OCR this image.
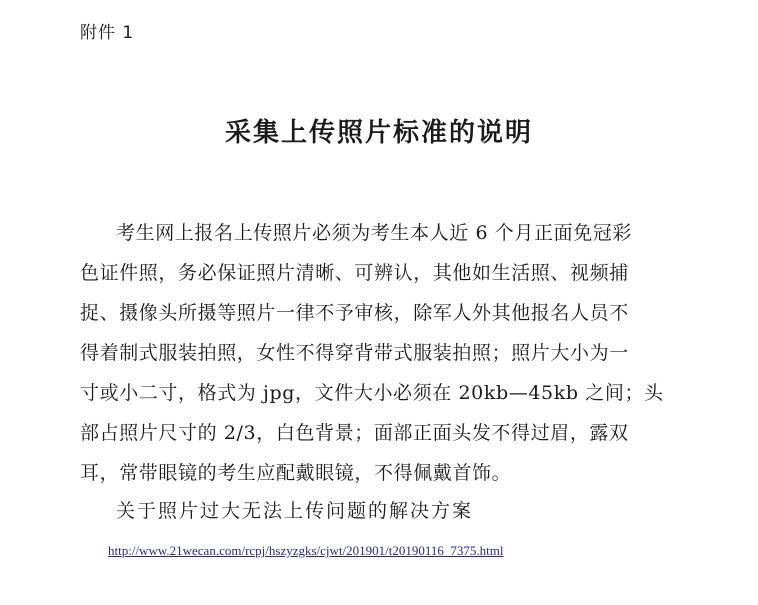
附件 1
采集上传照片标准的说明
考生网上报名上传照片必须为考生本人近 6 个月正面免冠彩
色证件照，务必保证照片清晰、可辨认，其他如生活照、视频捕
捉、摄像头所摄等照片一律不予审核，除军人外其他报名人员不
得着制式服装拍照，女性不得穿背带式服装拍照；照片大小为一
寸或小二寸，格式为 jpg，文件大小必须在 20kb—45kb 之间；头
部占照片尺寸的 2/3，白色背景；面部正面头发不得过眉，露双
耳，常带眼镜的考生应配戴眼镜，不得佩戴首饰。
关于照片过大无法上传问题的解决方案
http://www.21wecan.com/rcpj/hszyzgks/cjwt/201901/t20190116_7375.html
